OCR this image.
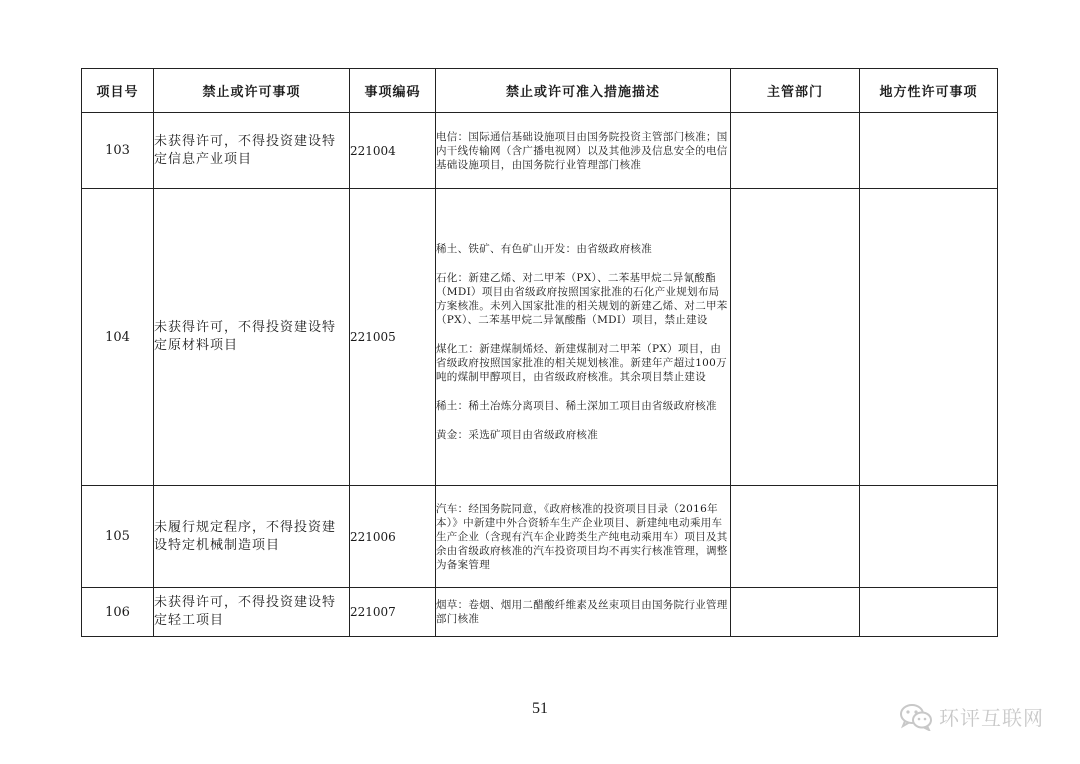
项目号	禁止或许可事项	事项编码	禁止或许可准入措施描述	主管部门	地方性许可事项
103	未获得许可，不得投资建设特定信息产业项目	221004	电信：国际通信基础设施项目由国务院投资主管部门核准；国内干线传输网（含广播电视网）以及其他涉及信息安全的电信基础设施项目，由国务院行业管理部门核准		

104	未获得许可，不得投资建设特定原材料项目	221005	稀土、铁矿、有色矿山开发：由省级政府核准
石化：新建乙烯、对二甲苯（PX）、二苯基甲烷二异氰酸酯（MDI）项目由省级政府按照国家批准的石化产业规划布局方案核准。未列入国家批准的相关规划的新建乙烯、对二甲苯（PX）、二苯基甲烷二异氰酸酯（MDI）项目，禁止建设
煤化工：新建煤制烯烃、新建煤制对二甲苯（PX）项目，由省级政府按照国家批准的相关规划核准。新建年产超过100万吨的煤制甲醇项目，由省级政府核准。其余项目禁止建设
稀土：稀土冶炼分离项目、稀土深加工项目由省级政府核准
黄金：采选矿项目由省级政府核准		

105	未履行规定程序，不得投资建设特定机械制造项目	221006	汽车：经国务院同意，《政府核准的投资项目目录（2016年本）》中新建中外合资轿车生产企业项目、新建纯电动乘用车生产企业（含现有汽车企业跨类生产纯电动乘用车）项目及其余由省级政府核准的汽车投资项目均不再实行核准管理，调整为备案管理		

106	未获得许可，不得投资建设特定轻工项目	221007	烟草：卷烟、烟用二醋酸纤维素及丝束项目由国务院行业管理部门核准		

51	环评互联网
